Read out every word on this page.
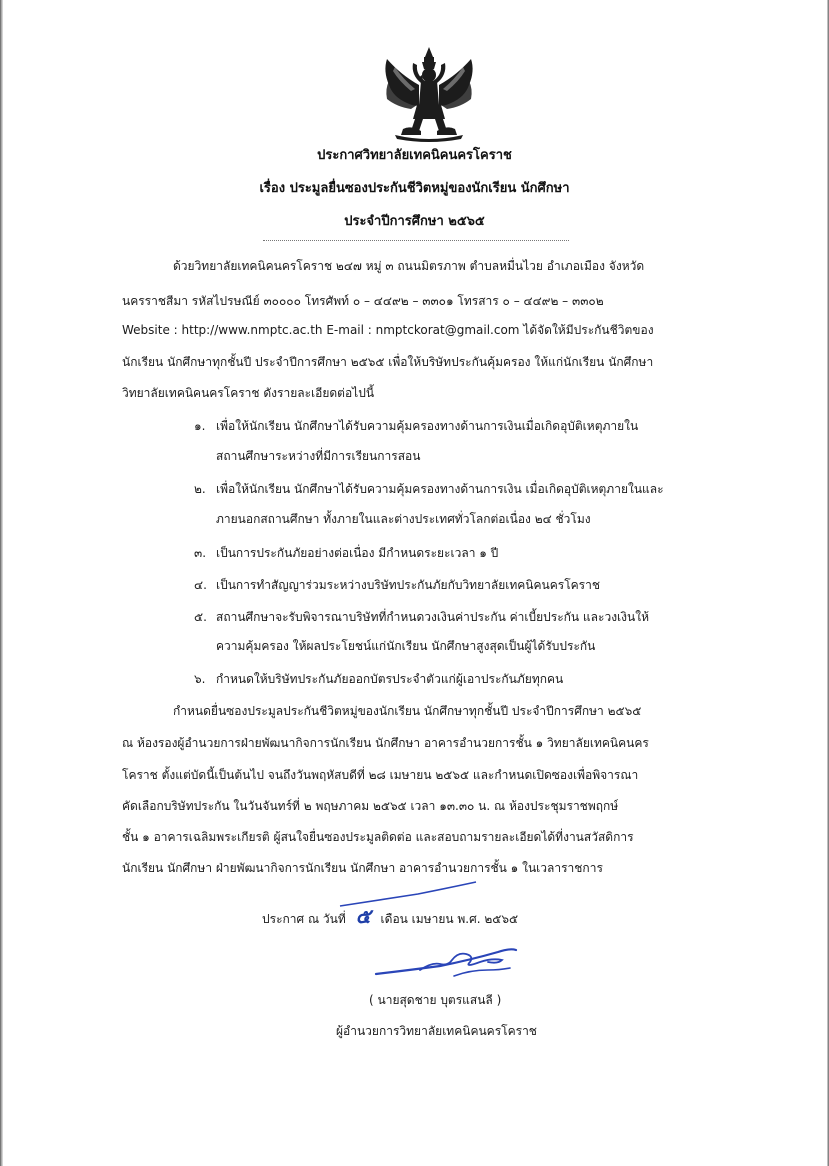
ประกาศวิทยาลัยเทคนิคนครโคราช
เรื่อง ประมูลยื่นซองประกันชีวิตหมู่ของนักเรียน นักศึกษา
ประจำปีการศึกษา ๒๕๖๕
ด้วยวิทยาลัยเทคนิคนครโคราช ๒๔๗ หมู่ ๓ ถนนมิตรภาพ ตำบลหมื่นไวย อำเภอเมือง จังหวัด
นครราชสีมา รหัสไปรษณีย์ ๓๐๐๐๐ โทรศัพท์ ๐ – ๔๔๙๒ – ๓๓๐๑ โทรสาร ๐ – ๔๔๙๒ – ๓๓๐๒
Website : http://www.nmptc.ac.th E-mail : nmptckorat@gmail.com ได้จัดให้มีประกันชีวิตของ
นักเรียน นักศึกษาทุกชั้นปี ประจำปีการศึกษา ๒๕๖๕ เพื่อให้บริษัทประกันคุ้มครอง ให้แก่นักเรียน นักศึกษา
วิทยาลัยเทคนิคนครโคราช ดังรายละเอียดต่อไปนี้
๑. เพื่อให้นักเรียน นักศึกษาได้รับความคุ้มครองทางด้านการเงินเมื่อเกิดอุบัติเหตุภายใน
สถานศึกษาระหว่างที่มีการเรียนการสอน
๒. เพื่อให้นักเรียน นักศึกษาได้รับความคุ้มครองทางด้านการเงิน เมื่อเกิดอุบัติเหตุภายในและ
ภายนอกสถานศึกษา ทั้งภายในและต่างประเทศทั่วโลกต่อเนื่อง ๒๔ ชั่วโมง
๓. เป็นการประกันภัยอย่างต่อเนื่อง มีกำหนดระยะเวลา ๑ ปี
๔. เป็นการทำสัญญาร่วมระหว่างบริษัทประกันภัยกับวิทยาลัยเทคนิคนครโคราช
๕. สถานศึกษาจะรับพิจารณาบริษัทที่กำหนดวงเงินค่าประกัน ค่าเบี้ยประกัน และวงเงินให้
ความคุ้มครอง ให้ผลประโยชน์แก่นักเรียน นักศึกษาสูงสุดเป็นผู้ได้รับประกัน
๖. กำหนดให้บริษัทประกันภัยออกบัตรประจำตัวแก่ผู้เอาประกันภัยทุกคน
กำหนดยื่นซองประมูลประกันชีวิตหมู่ของนักเรียน นักศึกษาทุกชั้นปี ประจำปีการศึกษา ๒๕๖๕
ณ ห้องรองผู้อำนวยการฝ่ายพัฒนากิจการนักเรียน นักศึกษา อาคารอำนวยการชั้น ๑ วิทยาลัยเทคนิคนคร
โคราช ตั้งแต่บัดนี้เป็นต้นไป จนถึงวันพฤหัสบดีที่ ๒๘ เมษายน ๒๕๖๕ และกำหนดเปิดซองเพื่อพิจารณา
คัดเลือกบริษัทประกัน ในวันจันทร์ที่ ๒ พฤษภาคม ๒๕๖๕ เวลา ๑๓.๓๐ น. ณ ห้องประชุมราชพฤกษ์
ชั้น ๑ อาคารเฉลิมพระเกียรติ ผู้สนใจยื่นซองประมูลติดต่อ และสอบถามรายละเอียดได้ที่งานสวัสดิการ
นักเรียน นักศึกษา ฝ่ายพัฒนากิจการนักเรียน นักศึกษา อาคารอำนวยการชั้น ๑ ในเวลาราชการ
ประกาศ ณ วันที่ ๕ เดือน เมษายน พ.ศ. ๒๕๖๕
( นายสุดชาย บุตรแสนลี )
ผู้อำนวยการวิทยาลัยเทคนิคนครโคราช
